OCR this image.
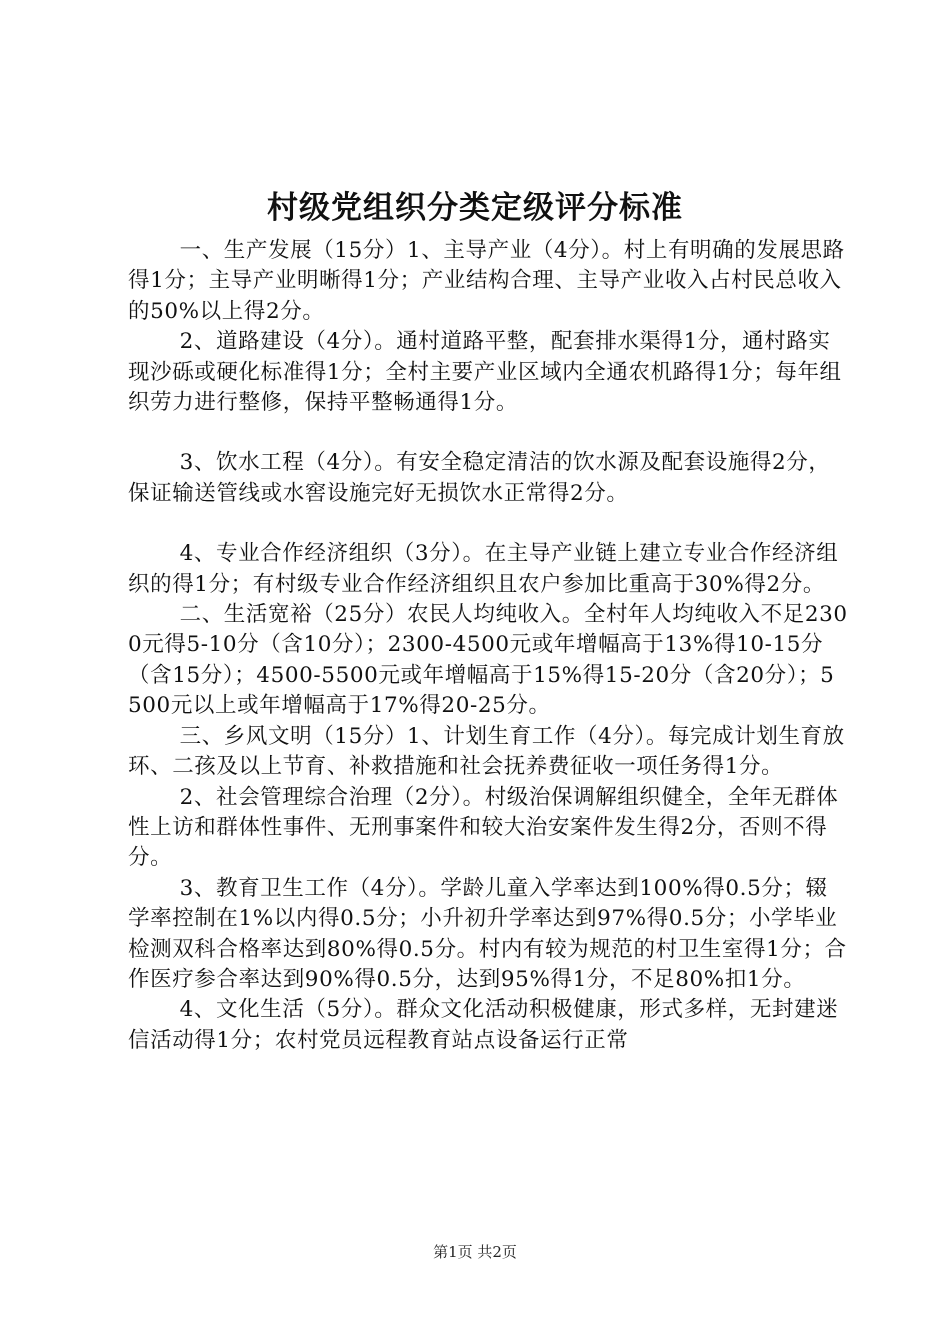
村级党组织分类定级评分标准

一、生产发展（15分）1、主导产业（4分）。村上有明确的发展思路得1分；主导产业明晰得1分；产业结构合理、主导产业收入占村民总收入的50%以上得2分。

2、道路建设（4分）。通村道路平整，配套排水渠得1分，通村路实现沙砾或硬化标准得1分；全村主要产业区域内全通农机路得1分；每年组织劳力进行整修，保持平整畅通得1分。

3、饮水工程（4分）。有安全稳定清洁的饮水源及配套设施得2分，保证输送管线或水窖设施完好无损饮水正常得2分。

4、专业合作经济组织（3分）。在主导产业链上建立专业合作经济组织的得1分；有村级专业合作经济组织且农户参加比重高于30%得2分。

二、生活宽裕（25分）农民人均纯收入。全村年人均纯收入不足2300元得5-10分（含10分）；2300-4500元或年增幅高于13%得10-15分（含15分）；4500-5500元或年增幅高于15%得15-20分（含20分）；5500元以上或年增幅高于17%得20-25分。

三、乡风文明（15分）1、计划生育工作（4分）。每完成计划生育放环、二孩及以上节育、补救措施和社会抚养费征收一项任务得1分。

2、社会管理综合治理（2分）。村级治保调解组织健全，全年无群体性上访和群体性事件、无刑事案件和较大治安案件发生得2分，否则不得分。

3、教育卫生工作（4分）。学龄儿童入学率达到100%得0.5分；辍学率控制在1%以内得0.5分；小升初升学率达到97%得0.5分；小学毕业检测双科合格率达到80%得0.5分。村内有较为规范的村卫生室得1分；合作医疗参合率达到90%得0.5分，达到95%得1分，不足80%扣1分。

4、文化生活（5分）。群众文化活动积极健康，形式多样，无封建迷信活动得1分；农村党员远程教育站点设备运行正常

第1页 共2页
